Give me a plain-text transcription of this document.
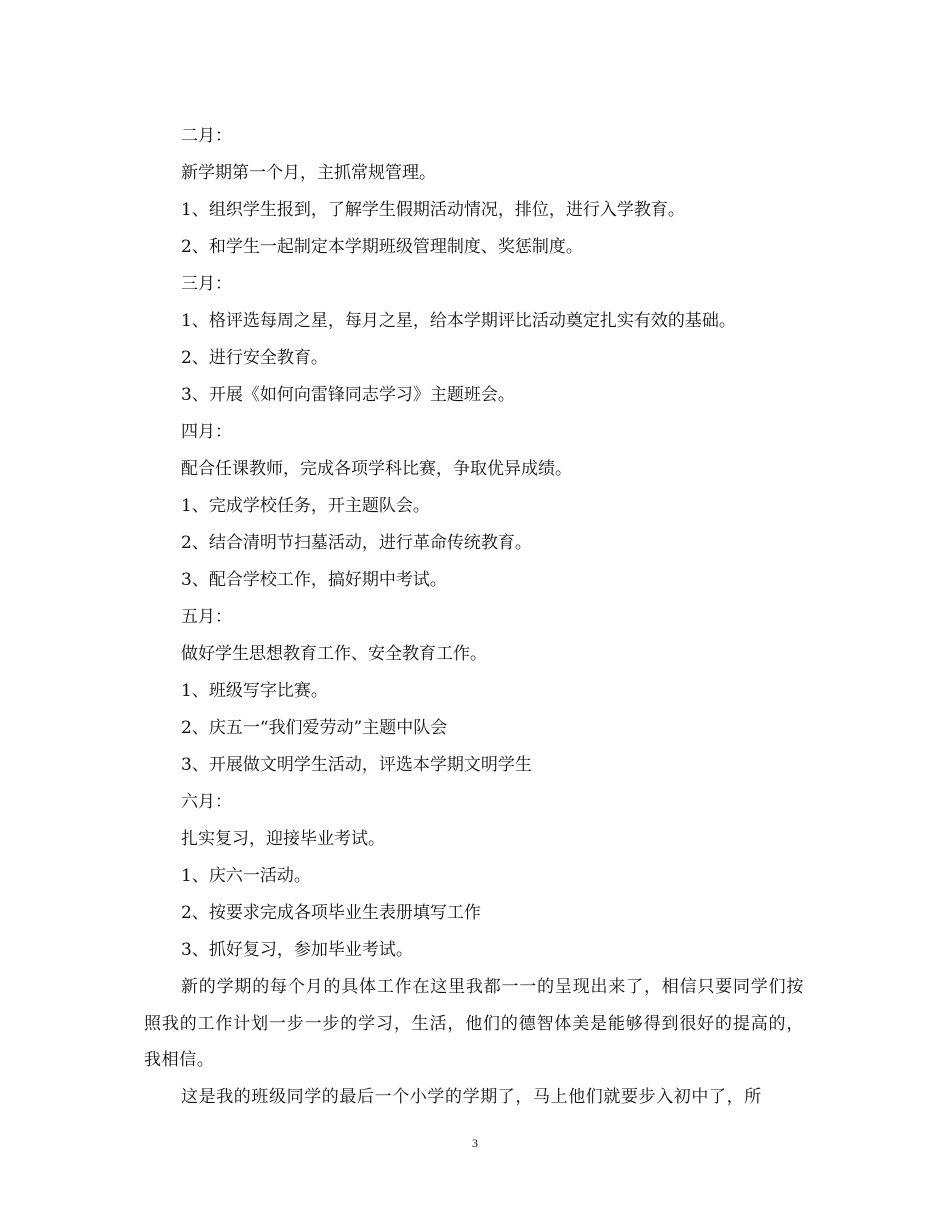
二月：
新学期第一个月，主抓常规管理。
1、组织学生报到，了解学生假期活动情况，排位，进行入学教育。
2、和学生一起制定本学期班级管理制度、奖惩制度。
三月：
1、格评选每周之星，每月之星，给本学期评比活动奠定扎实有效的基础。
2、进行安全教育。
3、开展《如何向雷锋同志学习》主题班会。
四月：
配合任课教师，完成各项学科比赛，争取优异成绩。
1、完成学校任务，开主题队会。
2、结合清明节扫墓活动，进行革命传统教育。
3、配合学校工作，搞好期中考试。
五月：
做好学生思想教育工作、安全教育工作。
1、班级写字比赛。
2、庆五一“我们爱劳动”主题中队会
3、开展做文明学生活动，评选本学期文明学生
六月：
扎实复习，迎接毕业考试。
1、庆六一活动。
2、按要求完成各项毕业生表册填写工作
3、抓好复习，参加毕业考试。

新的学期的每个月的具体工作在这里我都一一的呈现出来了，相信只要同学们按照我的工作计划一步一步的学习，生活，他们的德智体美是能够得到很好的提高的，我相信。

这是我的班级同学的最后一个小学的学期了，马上他们就要步入初中了，所

3
